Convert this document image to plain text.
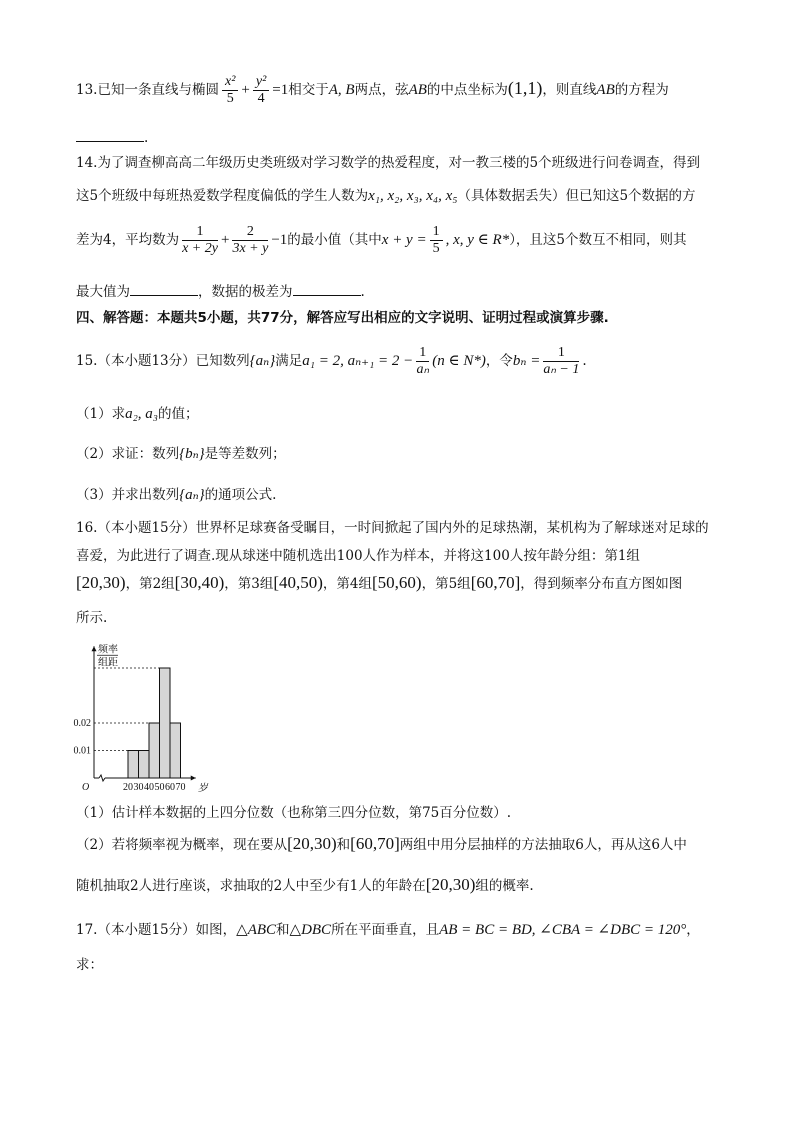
13.已知一条直线与椭圆 $\frac{\text{x²}}{5} + \frac{\text{y²}}{4} =1$相交于A, B两点，弦AB的中点坐标为(1,1)，则直线AB的方程为
.
14.为了调查柳高高二年级历史类班级对学习数学的热爱程度，对一教三楼的5个班级进行问卷调查，得到
这5个班级中每班热爱数学程度偏低的学生人数为x₁, x₂, x₃, x₄, x₅（具体数据丢失）但已知这5个数据的方
差为4，平均数为 $\frac{1}{x + 2y} + \frac{2}{3x + y} -1$的最小值（其中$x + y = \frac{1}{5}$ , x, y ∈ R*），且这5个数互不相同，则其
最大值为	，数据的极差为	.
四、解答题：本题共5小题，共77分，解答应写出相应的文字说明、证明过程或演算步骤.
15.（本小题13分）已知数列{aₙ}满足a₁ = 2, $a_{n+1} = 2 - \frac{1}{\text{aₙ}} (n$ ∈ N*)，令$b_n = \frac{1}{\text{aₙ − 1}}$ .
（1）求a₂, a₃的值；
（2）求证：数列{bₙ}是等差数列；
（3）并求出数列{aₙ}的通项公式.
16.（本小题15分）世界杯足球赛备受瞩目，一时间掀起了国内外的足球热潮，某机构为了解球迷对足球的
喜爱，为此进行了调查.现从球迷中随机选出100人作为样本，并将这100人按年龄分组：第1组
[20,30)，第2组[30,40)，第3组[40,50)，第4组[50,60)，第5组[60,70]，得到频率分布直方图如图
所示.
0.01
0.02
20 30 40 50 60 70 岁
O
频率
组距
（1）估计样本数据的上四分位数（也称第三四分位数，第75百分位数）.
（2）若将频率视为概率，现在要从[20,30)和[60,70]两组中用分层抽样的方法抽取6人，再从这6人中
随机抽取2人进行座谈，求抽取的2人中至少有1人的年龄在[20,30)组的概率.
17.（本小题15分）如图，△ABC和△DBC所在平面垂直，且AB = BC = BD, ∠CBA = ∠DBC = 120°，
求：
